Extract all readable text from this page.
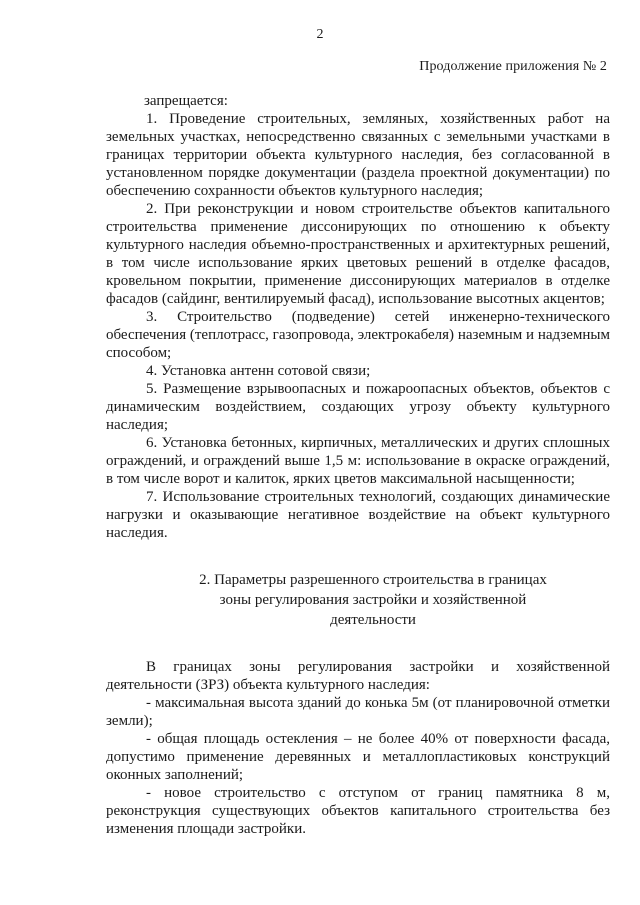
2
Продолжение приложения № 2

запрещается:

1. Проведение строительных, земляных, хозяйственных работ на земельных участках, непосредственно связанных с земельными участками в границах территории объекта культурного наследия, без согласованной в установленном порядке документации (раздела проектной документации) по обеспечению сохранности объектов культурного наследия;

2. При реконструкции и новом строительстве объектов капитального строительства применение диссонирующих по отношению к объекту культурного наследия объемно-пространственных и архитектурных решений, в том числе использование ярких цветовых решений в отделке фасадов, кровельном покрытии, применение диссонирующих материалов в отделке фасадов (сайдинг, вентилируемый фасад), использование высотных акцентов;

3. Строительство (подведение) сетей инженерно-технического обеспечения (теплотрасс, газопровода, электрокабеля) наземным и надземным способом;

4. Установка антенн сотовой связи;

5. Размещение взрывоопасных и пожароопасных объектов, объектов с динамическим воздействием, создающих угрозу объекту культурного наследия;

6. Установка бетонных, кирпичных, металлических и других сплошных ограждений, и ограждений выше 1,5 м: использование в окраске ограждений, в том числе ворот и калиток, ярких цветов максимальной насыщенности;

7. Использование строительных технологий, создающих динамические нагрузки и оказывающие негативное воздействие на объект культурного наследия.

2. Параметры разрешенного строительства в границах зоны регулирования застройки и хозяйственной деятельности

В границах зоны регулирования застройки и хозяйственной деятельности (ЗРЗ) объекта культурного наследия:

- максимальная высота зданий до конька 5м (от планировочной отметки земли);

- общая площадь остекления – не более 40% от поверхности фасада, допустимо применение деревянных и металлопластиковых конструкций оконных заполнений;

- новое строительство с отступом от границ памятника 8 м, реконструкция существующих объектов капитального строительства без изменения площади застройки.
